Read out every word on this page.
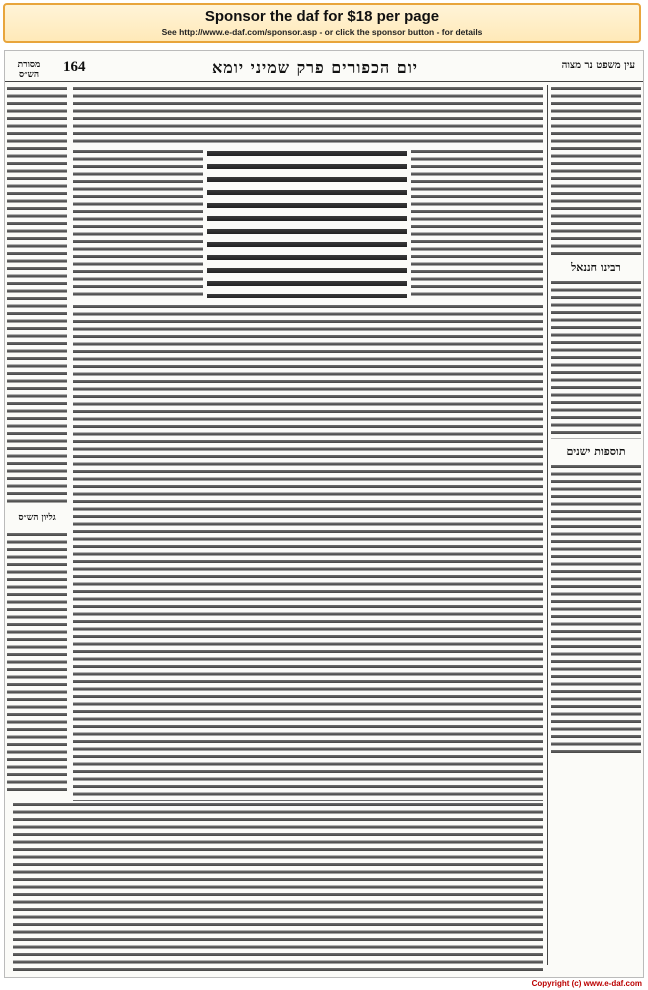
Sponsor the daf for $18 per page
See http://www.e-daf.com/sponsor.asp - or click the sponsor button - for details
מסורת הש״ס	164	יום הכפורים פרק שמיני יומא	עין משפט נר מצוה
גליון הש״ס
רבינו חננאל
תוספות ישנים
Copyright (c) www.e-daf.com
